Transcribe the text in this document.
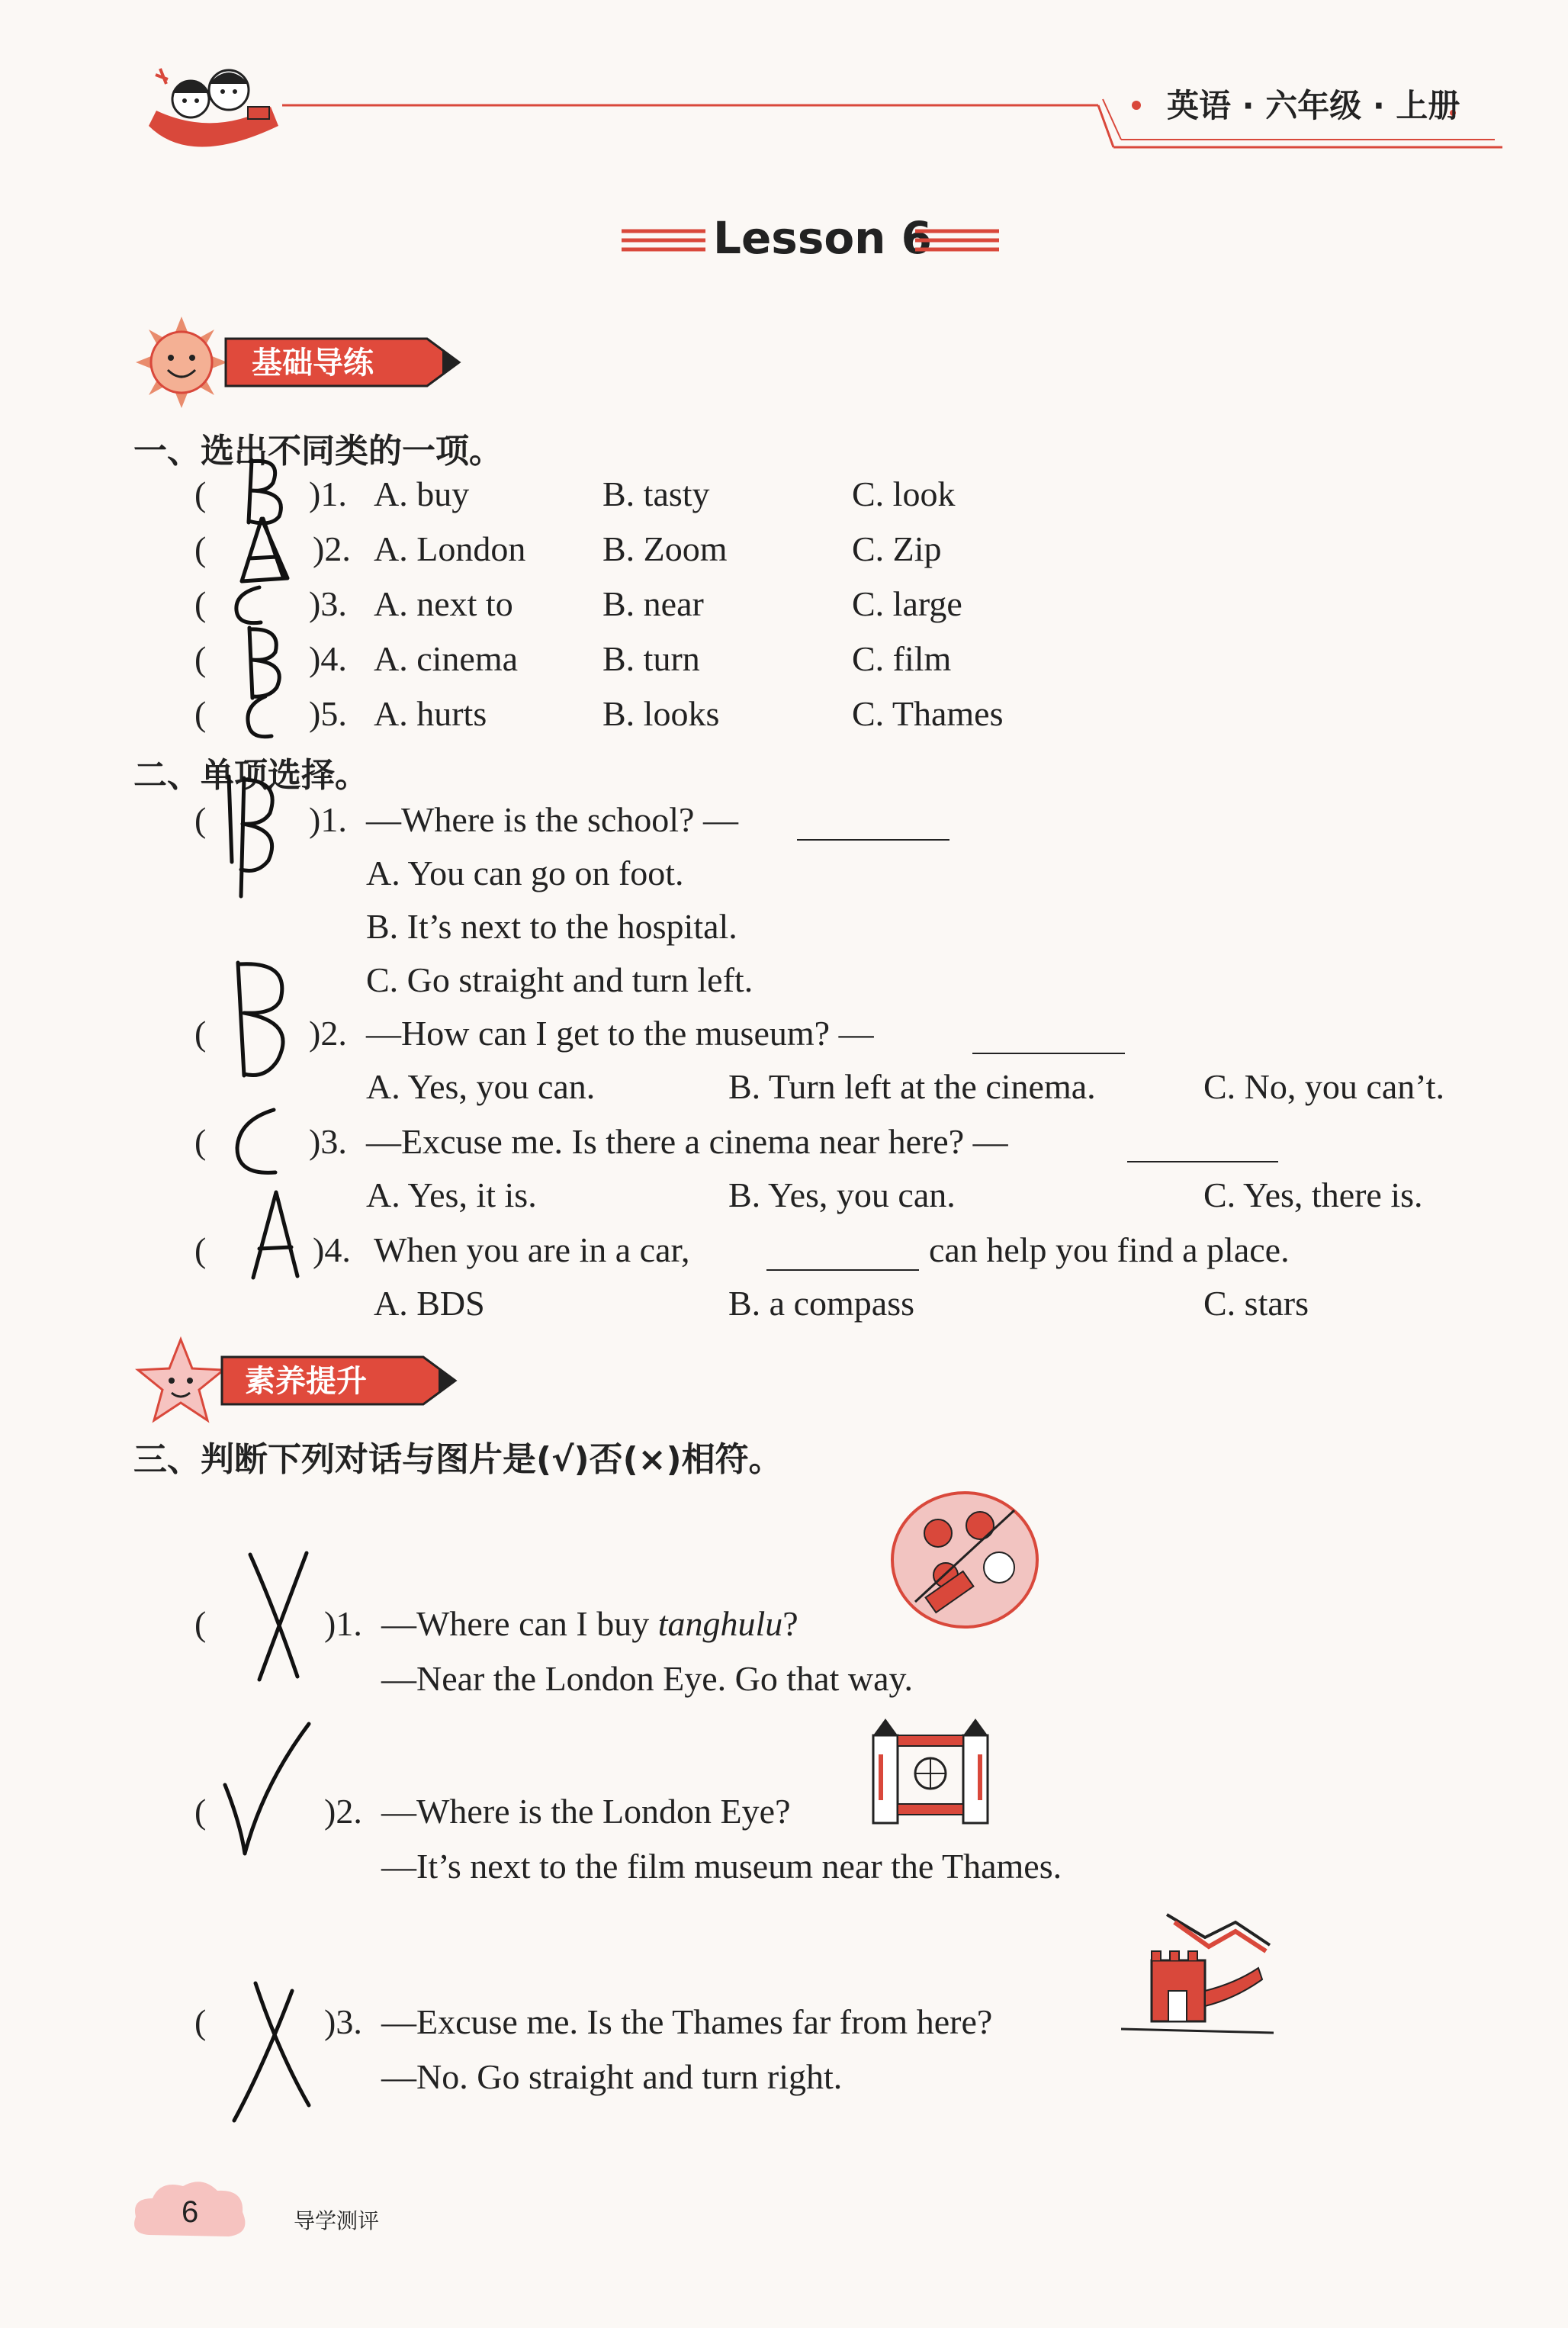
英语 · 六年级 · 上册
Lesson 6
基础导练
一、选出不同类的一项。
(	)1. A. buy	B. tasty	C. look
(	)2. A. London B. Zoom	C. Zip
(	)3. A. next to	B. near	C. large
(	)4. A. cinema B. turn	C. film
(	)5. A. hurts	B. looks	C. Thames
二、单项选择。
(	)1. —Where is the school? —
A. You can go on foot.
B. It’s next to the hospital.
C. Go straight and turn left.
(	)2. —How can I get to the museum? —
A. Yes, you can.	B. Turn left at the cinema.	C. No, you can’t.
(	)3. —Excuse me. Is there a cinema near here? —
A. Yes, it is.	B. Yes, you can.	C. Yes, there is.
(	)4. When you are in a car,	can help you find a place.
A. BDS	B. a compass	C. stars
素养提升
三、判断下列对话与图片是(√)否(×)相符。
(	)1. —Where can I buy tanghulu?
—Near the London Eye. Go that way.
(	)2. —Where is the London Eye?
—It’s next to the film museum near the Thames.
(	)3. —Excuse me. Is the Thames far from here?
—No. Go straight and turn right.
6	导学测评
